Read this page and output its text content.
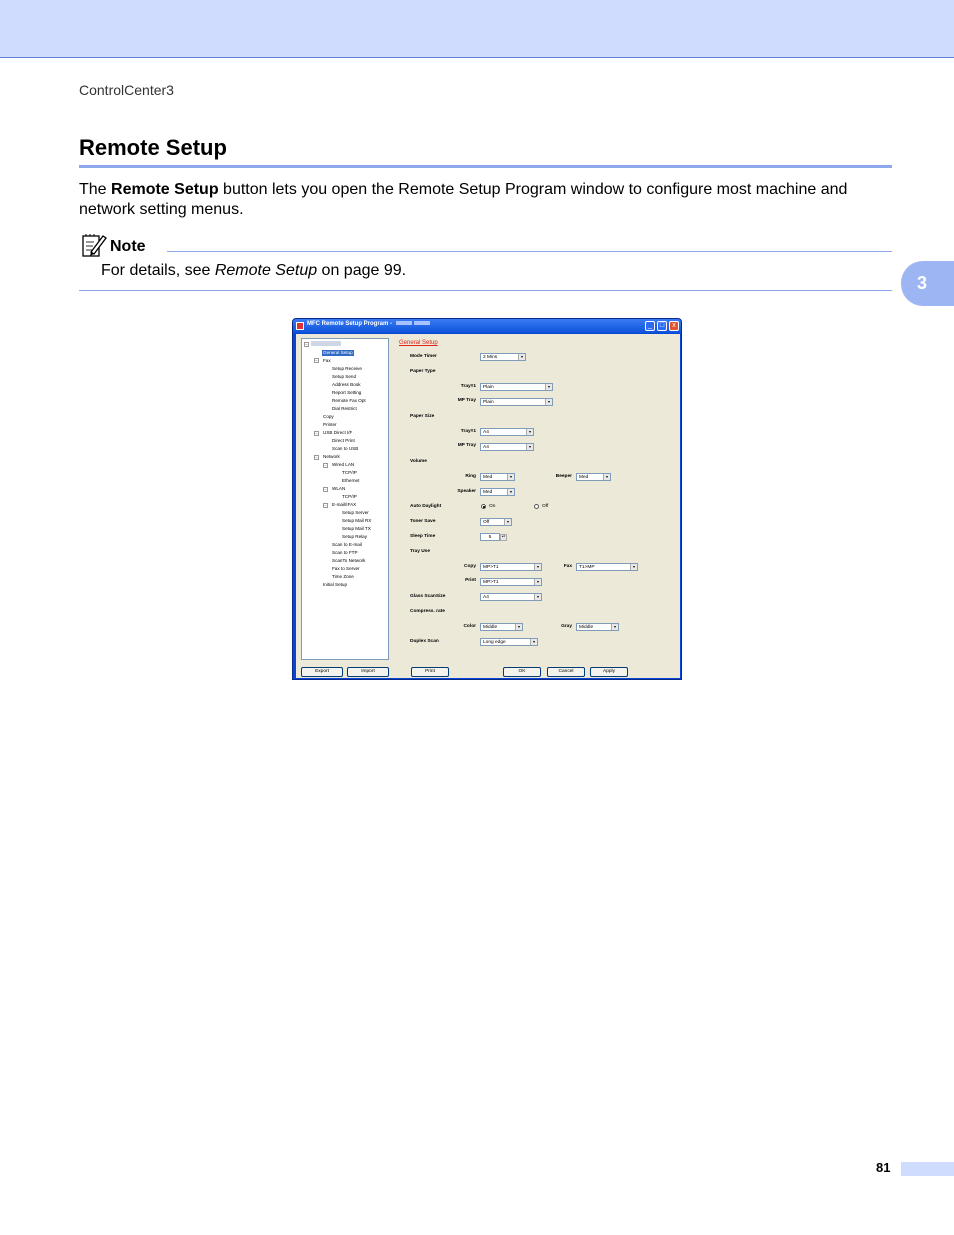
ControlCenter3
Remote Setup

The Remote Setup button lets you open the Remote Setup Program window to configure most machine and network setting menus.

Note

For details, see Remote Setup on page 99.

3
MFC Remote Setup Program -	_	□	x
−
General Setup
− Fax
Setup Receive
Setup Send
Address Book
Report Setting
Remote Fax Opt
Dial Restrict
Copy
Printer
− USB Direct I/F
Direct Print
Scan to USB
− Network
− Wired LAN
TCP/IP
Ethernet
− WLAN
TCP/IP
− E-mail/IFAX
Setup Server
Setup Mail RX
Setup Mail TX
Setup Relay
Scan to E-mail
Scan to FTP
ScanTo Network
Fax to Server
Time Zone
Initial Setup
General Setup
Mode Timer	2 Mins	▾
Paper Type
Tray#1	Plain	▾
MP Tray	Plain	▾
Paper Size
Tray#1	A4	▾
MP Tray	A4	▾
Volume
Ring	Med	▾	Beeper	Med	▾
Speaker	Med	▾
Auto Daylight	On	Off
Toner Save	Off	▾
Sleep Time	5	▴▾
Tray Use
Copy	MP>T1	▾	Fax	T1>MP	▾
Print	MP>T1	▾
Glass ScanSize	A4	▾
Compress. rate
Color	Middle	▾	Gray	Middle	▾
Duplex Scan	Long edge	▾
Export	Import	Print	OK	Cancel	Apply
81
